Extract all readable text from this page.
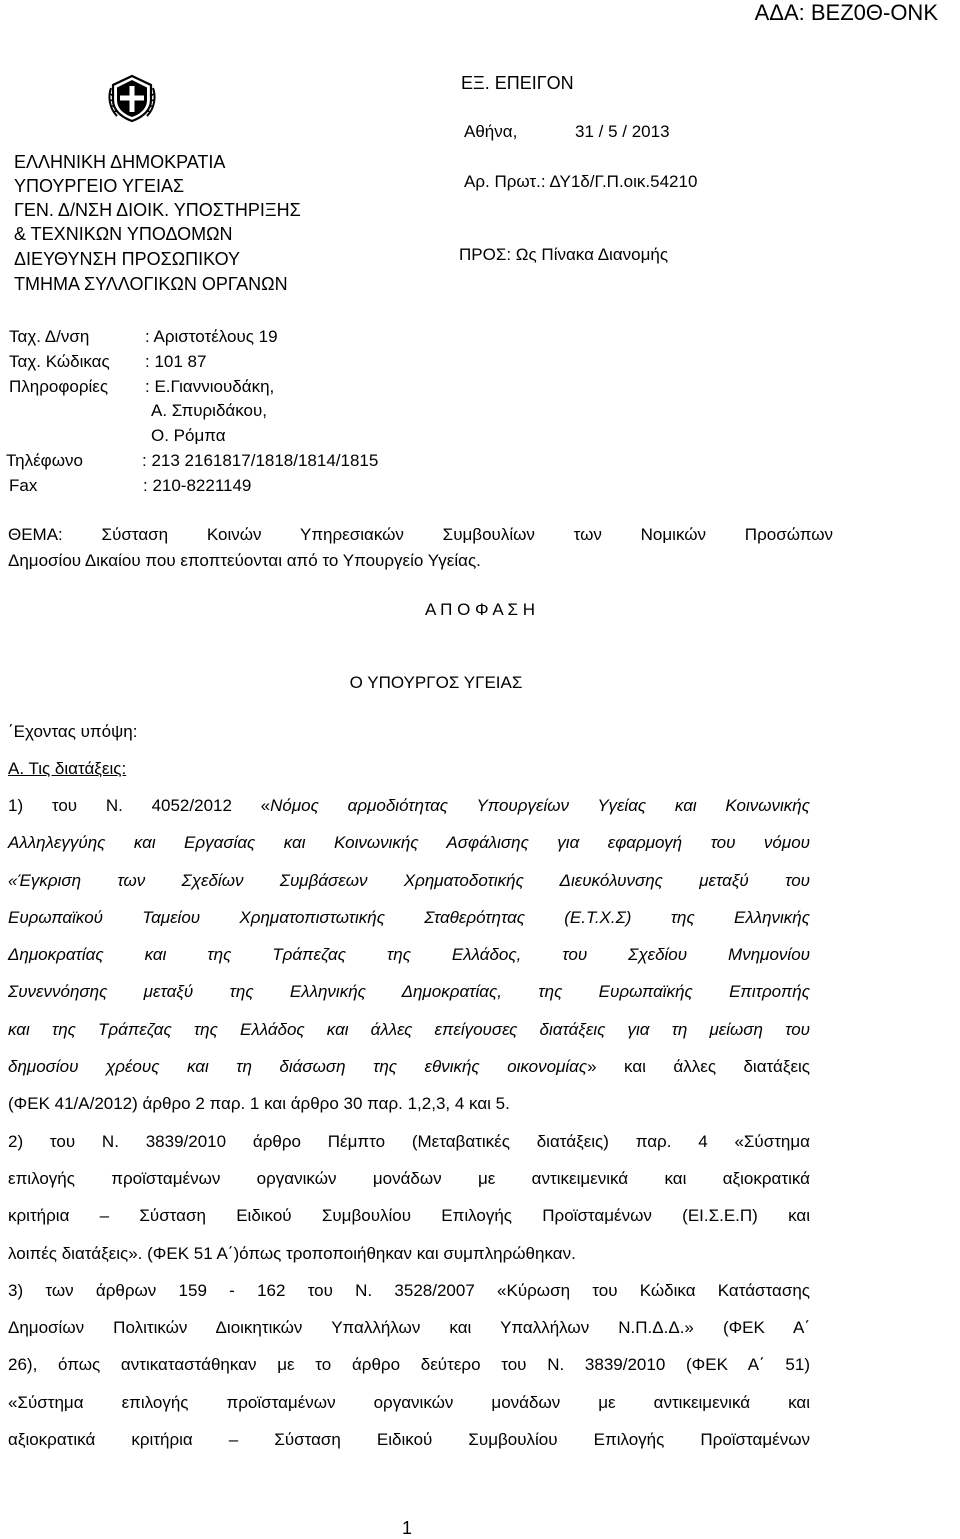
ΑΔΑ: ΒΕΖ0Θ-ΟΝΚ
ΕΛΛΗΝΙΚΗ ΔΗΜΟΚΡΑΤΙΑ
ΥΠΟΥΡΓΕΙΟ ΥΓΕΙΑΣ
ΓΕΝ. Δ/ΝΣΗ ΔΙΟΙΚ. ΥΠΟΣΤΗΡΙΞΗΣ
& ΤΕΧΝΙΚΩΝ ΥΠΟΔΟΜΩΝ
ΔΙΕΥΘΥΝΣΗ ΠΡΟΣΩΠΙΚΟΥ
ΤΜΗΜΑ ΣΥΛΛΟΓΙΚΩΝ ΟΡΓΑΝΩΝ
ΕΞ. ΕΠΕΙΓΟΝ
Αθήνα,	31 / 5 / 2013
Αρ. Πρωτ.: ΔΥ1δ/Γ.Π.οικ.54210
ΠΡΟΣ: Ως Πίνακα Διανομής
Ταχ. Δ/νση	: Αριστοτέλους 19
Ταχ. Κώδικας : 101 87
Πληροφορίες : Ε.Γιαννιουδάκη,
Α. Σπυριδάκου,
Ο. Ρόμπα
Τηλέφωνο	: 213 2161817/1818/1814/1815
Fax	: 210-8221149
ΘΕΜΑ: Σύσταση Κοινών Υπηρεσιακών Συμβουλίων των Νομικών Προσώπων
Δημοσίου Δικαίου που εποπτεύονται από το Υπουργείο Υγείας.
Α Π Ο Φ Α Σ Η
Ο ΥΠΟΥΡΓΟΣ ΥΓΕΙΑΣ
΄Εχοντας υπόψη:
Α. Τις διατάξεις:
1) του Ν. 4052/2012 «Νόμος αρμοδιότητας Υπουργείων Υγείας και Κοινωνικής
Αλληλεγγύης και Εργασίας και Κοινωνικής Ασφάλισης για εφαρμογή του νόμου
«Έγκριση των Σχεδίων Συμβάσεων Χρηματοδοτικής Διευκόλυνσης μεταξύ του
Ευρωπαϊκού Ταμείου Χρηματοπιστωτικής Σταθερότητας (Ε.Τ.Χ.Σ) της Ελληνικής
Δημοκρατίας και της Τράπεζας της Ελλάδος, του Σχεδίου Μνημονίου
Συνεννόησης μεταξύ της Ελληνικής Δημοκρατίας, της Ευρωπαϊκής Επιτροπής
και της Τράπεζας της Ελλάδος και άλλες επείγουσες διατάξεις για τη μείωση του
δημοσίου χρέους και τη διάσωση της εθνικής οικονομίας» και άλλες διατάξεις
(ΦΕΚ 41/Α/2012) άρθρο 2 παρ. 1 και άρθρο 30 παρ. 1,2,3, 4 και 5.
2) του Ν. 3839/2010 άρθρο Πέμπτο (Μεταβατικές διατάξεις) παρ. 4 «Σύστημα
επιλογής προϊσταμένων οργανικών μονάδων με αντικειμενικά και αξιοκρατικά
κριτήρια – Σύσταση Ειδικού Συμβουλίου Επιλογής Προϊσταμένων (ΕΙ.Σ.Ε.Π) και
λοιπές διατάξεις». (ΦΕΚ 51 Α΄)όπως τροποποιήθηκαν και συμπληρώθηκαν.
3) των άρθρων 159 - 162 του Ν. 3528/2007 «Κύρωση του Κώδικα Κατάστασης
Δημοσίων Πολιτικών Διοικητικών Υπαλλήλων και Υπαλλήλων Ν.Π.Δ.Δ.» (ΦΕΚ Α΄
26), όπως αντικαταστάθηκαν με το άρθρο δεύτερο του Ν. 3839/2010 (ΦΕΚ Α΄ 51)
«Σύστημα επιλογής προϊσταμένων οργανικών μονάδων με αντικειμενικά και
αξιοκρατικά κριτήρια – Σύσταση Ειδικού Συμβουλίου Επιλογής Προϊσταμένων
1
